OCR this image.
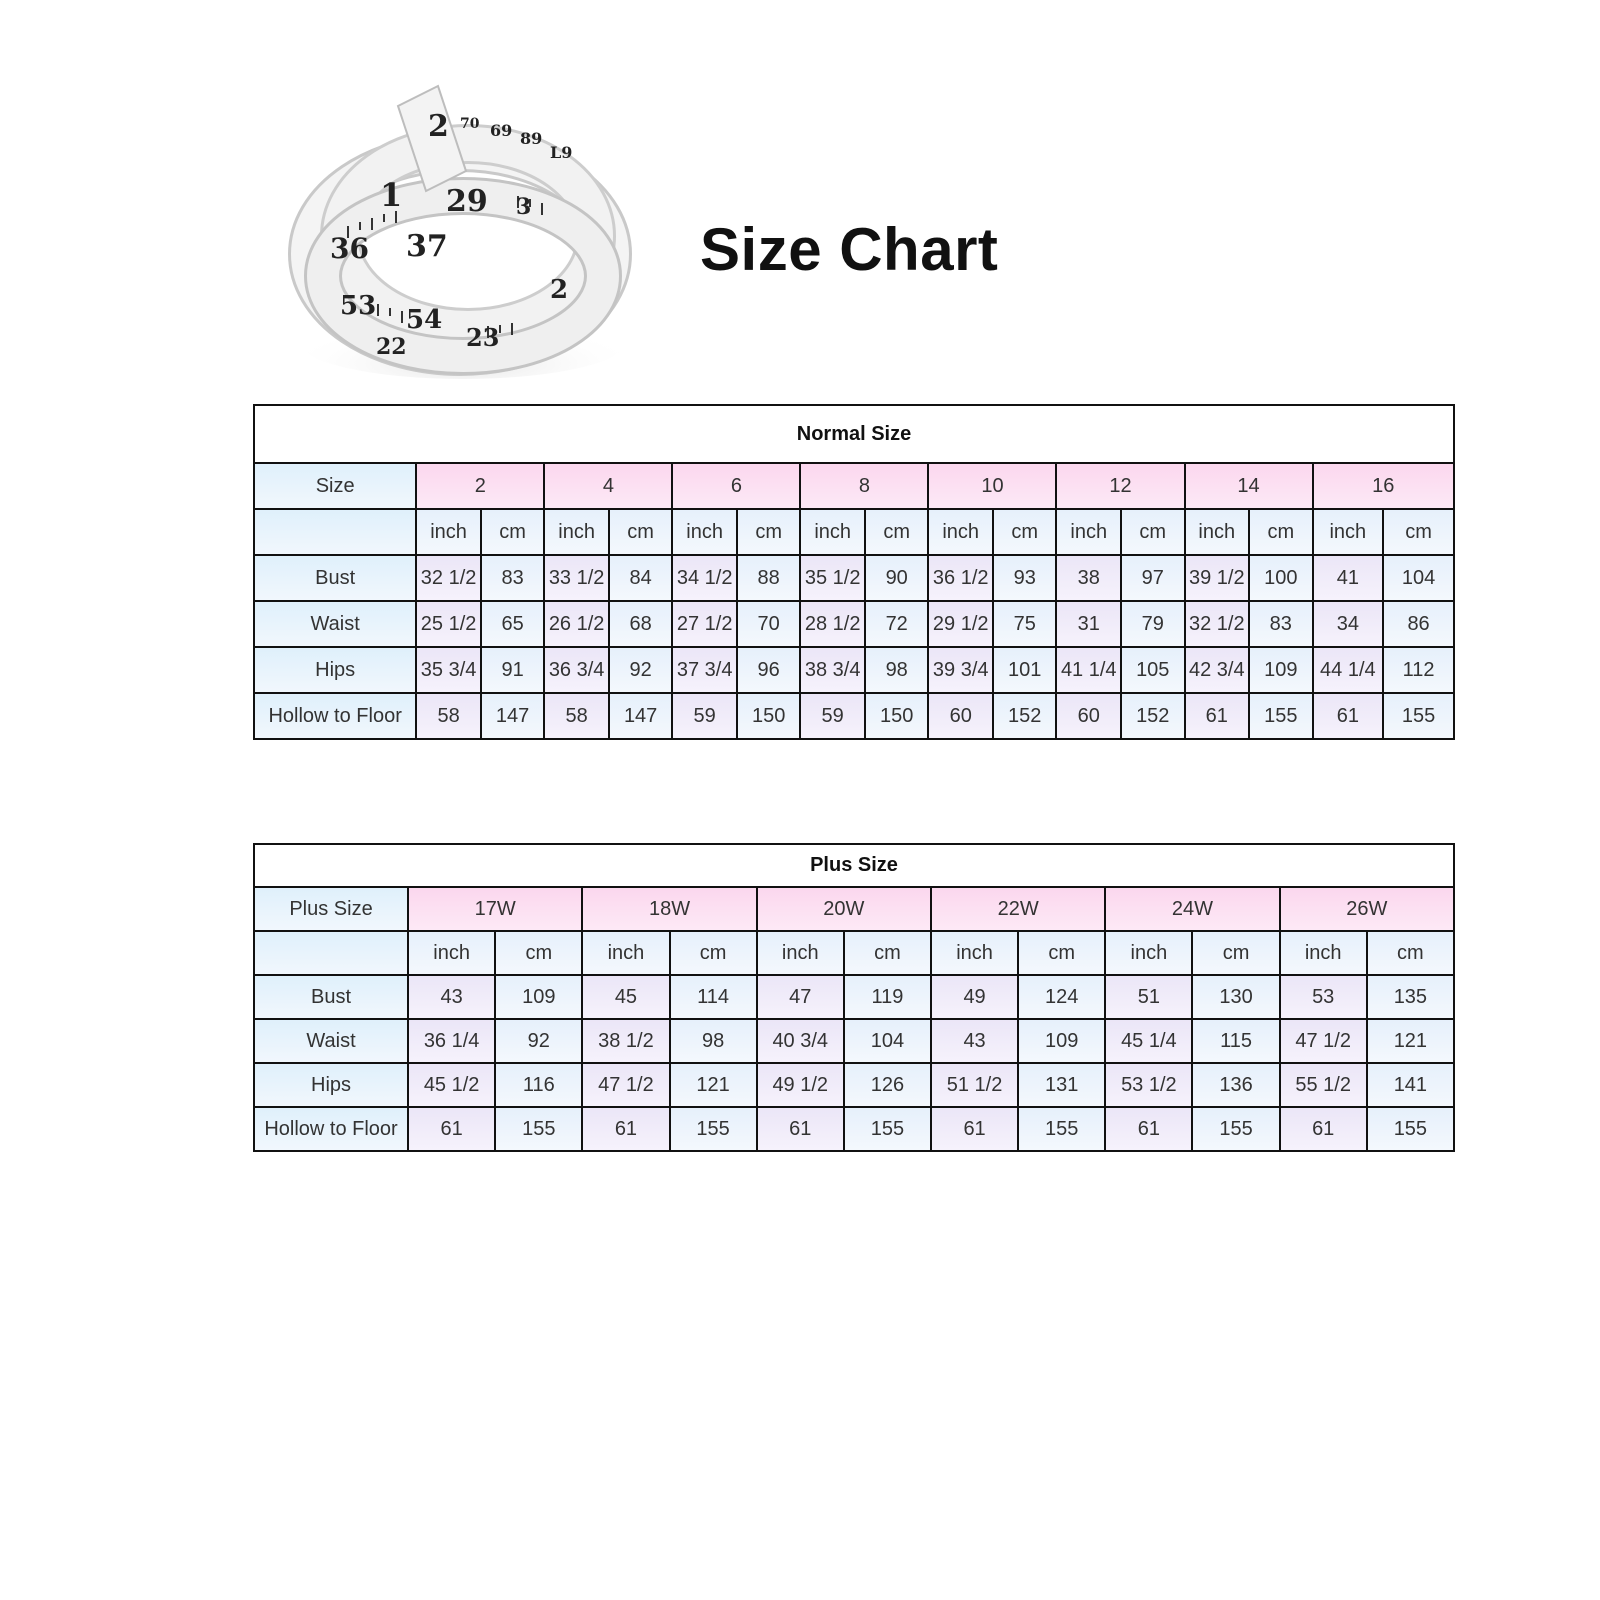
2
1 29
69 89
L9
36 37
53 54
2
3
22 23
70
Size Chart
Normal Size																
Size	2		4		6		8		10		12		14		16	
	inch	cm	inch	cm	inch	cm	inch	cm	inch	cm	inch	cm	inch	cm	inch	cm
Bust	32 1/2	83	33 1/2	84	34 1/2	88	35 1/2	90	36 1/2	93	38	97	39 1/2	100	41	104
Waist	25 1/2	65	26 1/2	68	27 1/2	70	28 1/2	72	29 1/2	75	31	79	32 1/2	83	34	86
Hips	35 3/4	91	36 3/4	92	37 3/4	96	38 3/4	98	39 3/4	101	41 1/4	105	42 3/4	109	44 1/4	112
Hollow to Floor	58	147	58	147	59	150	59	150	60	152	60	152	61	155	61	155
Plus Size												
Plus Size	17W		18W		20W		22W		24W		26W	
	inch	cm	inch	cm	inch	cm	inch	cm	inch	cm	inch	cm
Bust	43	109	45	114	47	119	49	124	51	130	53	135
Waist	36 1/4	92	38 1/2	98	40 3/4	104	43	109	45 1/4	115	47 1/2	121
Hips	45 1/2	116	47 1/2	121	49 1/2	126	51 1/2	131	53 1/2	136	55 1/2	141
Hollow to Floor	61	155	61	155	61	155	61	155	61	155	61	155
